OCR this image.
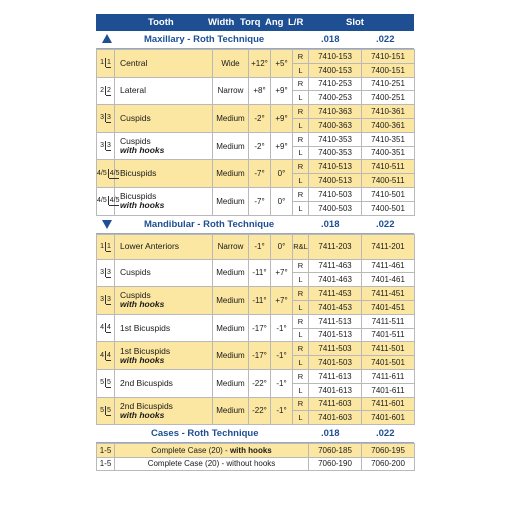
Tooth	Width Torq Ang L/R	Slot
Maxillary - Roth Technique	.018	.022
1 1	Central	Wide	+12°	+5°	R	7410-153	7410-151
					L	7400-153	7400-151
2 2	Lateral	Narrow	+8°	+9°	R	7410-253	7410-251
					L	7400-253	7400-251
3 3	Cuspids	Medium	-2°	+9°	R	7410-363	7410-361
					L	7400-363	7400-361
3 3	Cuspids
with hooks	Medium	-2°	+9°	R	7410-353	7410-351
					L	7400-353	7400-351
4/5 4/5	Bicuspids	Medium	-7°	0°	R	7410-513	7410-511
					L	7400-513	7400-511
4/5 4/5	Bicuspids
with hooks	Medium	-7°	0°	R	7410-503	7410-501
					L	7400-503	7400-501
Mandibular - Roth Technique	.018	.022
1 1	Lower Anteriors	Narrow	-1°	0°	R&L	7411-203	7411-201
3 3	Cuspids	Medium	-11°	+7°	R	7411-463	7411-461
					L	7401-463	7401-461
3 3	Cuspids
with hooks	Medium	-11°	+7°	R	7411-453	7411-451
					L	7401-453	7401-451
4 4	1st Bicuspids	Medium	-17°	-1°	R	7411-513	7411-511
					L	7401-513	7401-511
4 4	1st Bicuspids
with hooks	Medium	-17°	-1°	R	7411-503	7411-501
					L	7401-503	7401-501
5 5	2nd Bicuspids	Medium	-22°	-1°	R	7411-613	7411-611
					L	7401-613	7401-611
5 5	2nd Bicuspids
with hooks	Medium	-22°	-1°	R	7411-603	7411-601
					L	7401-603	7401-601
Cases - Roth Technique	.018	.022
1-5	Complete Case (20) - with hooks	7060-185	7060-195
1-5	Complete Case (20) - without hooks	7060-190	7060-200
